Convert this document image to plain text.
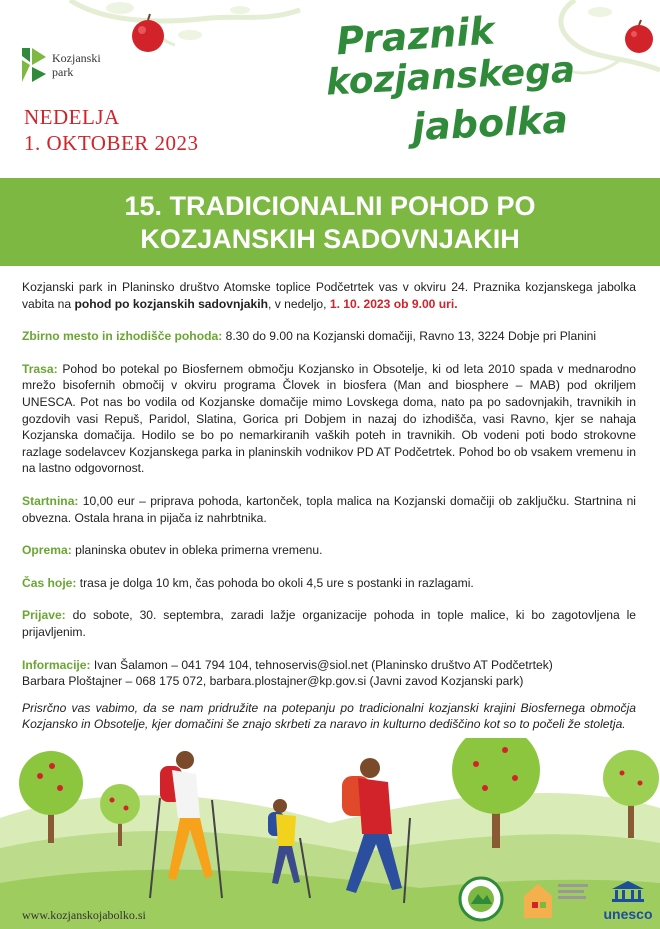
Kozjanski
park
NEDELJA
1. OKTOBER 2023
Praznik
kozjanskega
jabolka
15. TRADICIONALNI POHOD PO
KOZJANSKIH SADOVNJAKIH

Kozjanski park in Planinsko društvo Atomske toplice Podčetrtek vas v okviru 24. Praznika kozjanskega jabolka vabita na pohod po kozjanskih sadovnjakih, v nedeljo, 1. 10. 2023 ob 9.00 uri.

Zbirno mesto in izhodišče pohoda: 8.30 do 9.00 na Kozjanski domačiji, Ravno 13, 3224 Dobje pri Planini

Trasa: Pohod bo potekal po Biosfernem območju Kozjansko in Obsotelje, ki od leta 2010 spada v mednarodno mrežo bisofernih območij v okviru programa Človek in biosfera (Man and biosphere – MAB) pod okriljem UNESCA. Pot nas bo vodila od Kozjanske domačije mimo Lovskega doma, nato pa po sadovnjakih, travnikih in gozdovih vasi Repuš, Paridol, Slatina, Gorica pri Dobjem in nazaj do izhodišča, vasi Ravno, kjer se nahaja Kozjanska domačija. Hodilo se bo po nemarkiranih vaških poteh in travnikih. Ob vodeni poti bodo strokovne razlage sodelavcev Kozjanskega parka in planinskih vodnikov PD AT Podčetrtek. Pohod bo ob vsakem vremenu in na lastno odgovornost.

Startnina: 10,00 eur – priprava pohoda, kartonček, topla malica na Kozjanski domačiji ob zaključku. Startnina ni obvezna. Ostala hrana in pijača iz nahrbtnika.

Oprema: planinska obutev in obleka primerna vremenu.

Čas hoje: trasa je dolga 10 km, čas pohoda bo okoli 4,5 ure s postanki in razlagami.

Prijave: do sobote, 30. septembra, zaradi lažje organizacije pohoda in tople malice, ki bo zagotovljena le prijavljenim.

Informacije: Ivan Šalamon – 041 794 104, tehnoservis@siol.net (Planinsko društvo AT Podčetrtek)
Barbara Ploštajner – 068 175 072, barbara.plostajner@kp.gov.si (Javni zavod Kozjanski park)

Prisrčno vas vabimo, da se nam pridružite na potepanju po tradicionalni kozjanski krajini Biosfernega območja Kozjansko in Obsotelje, kjer domačini še znajo skrbeti za naravo in kulturno dediščino kot so to počeli že stoletja.

unesco
www.kozjanskojabolko.si
